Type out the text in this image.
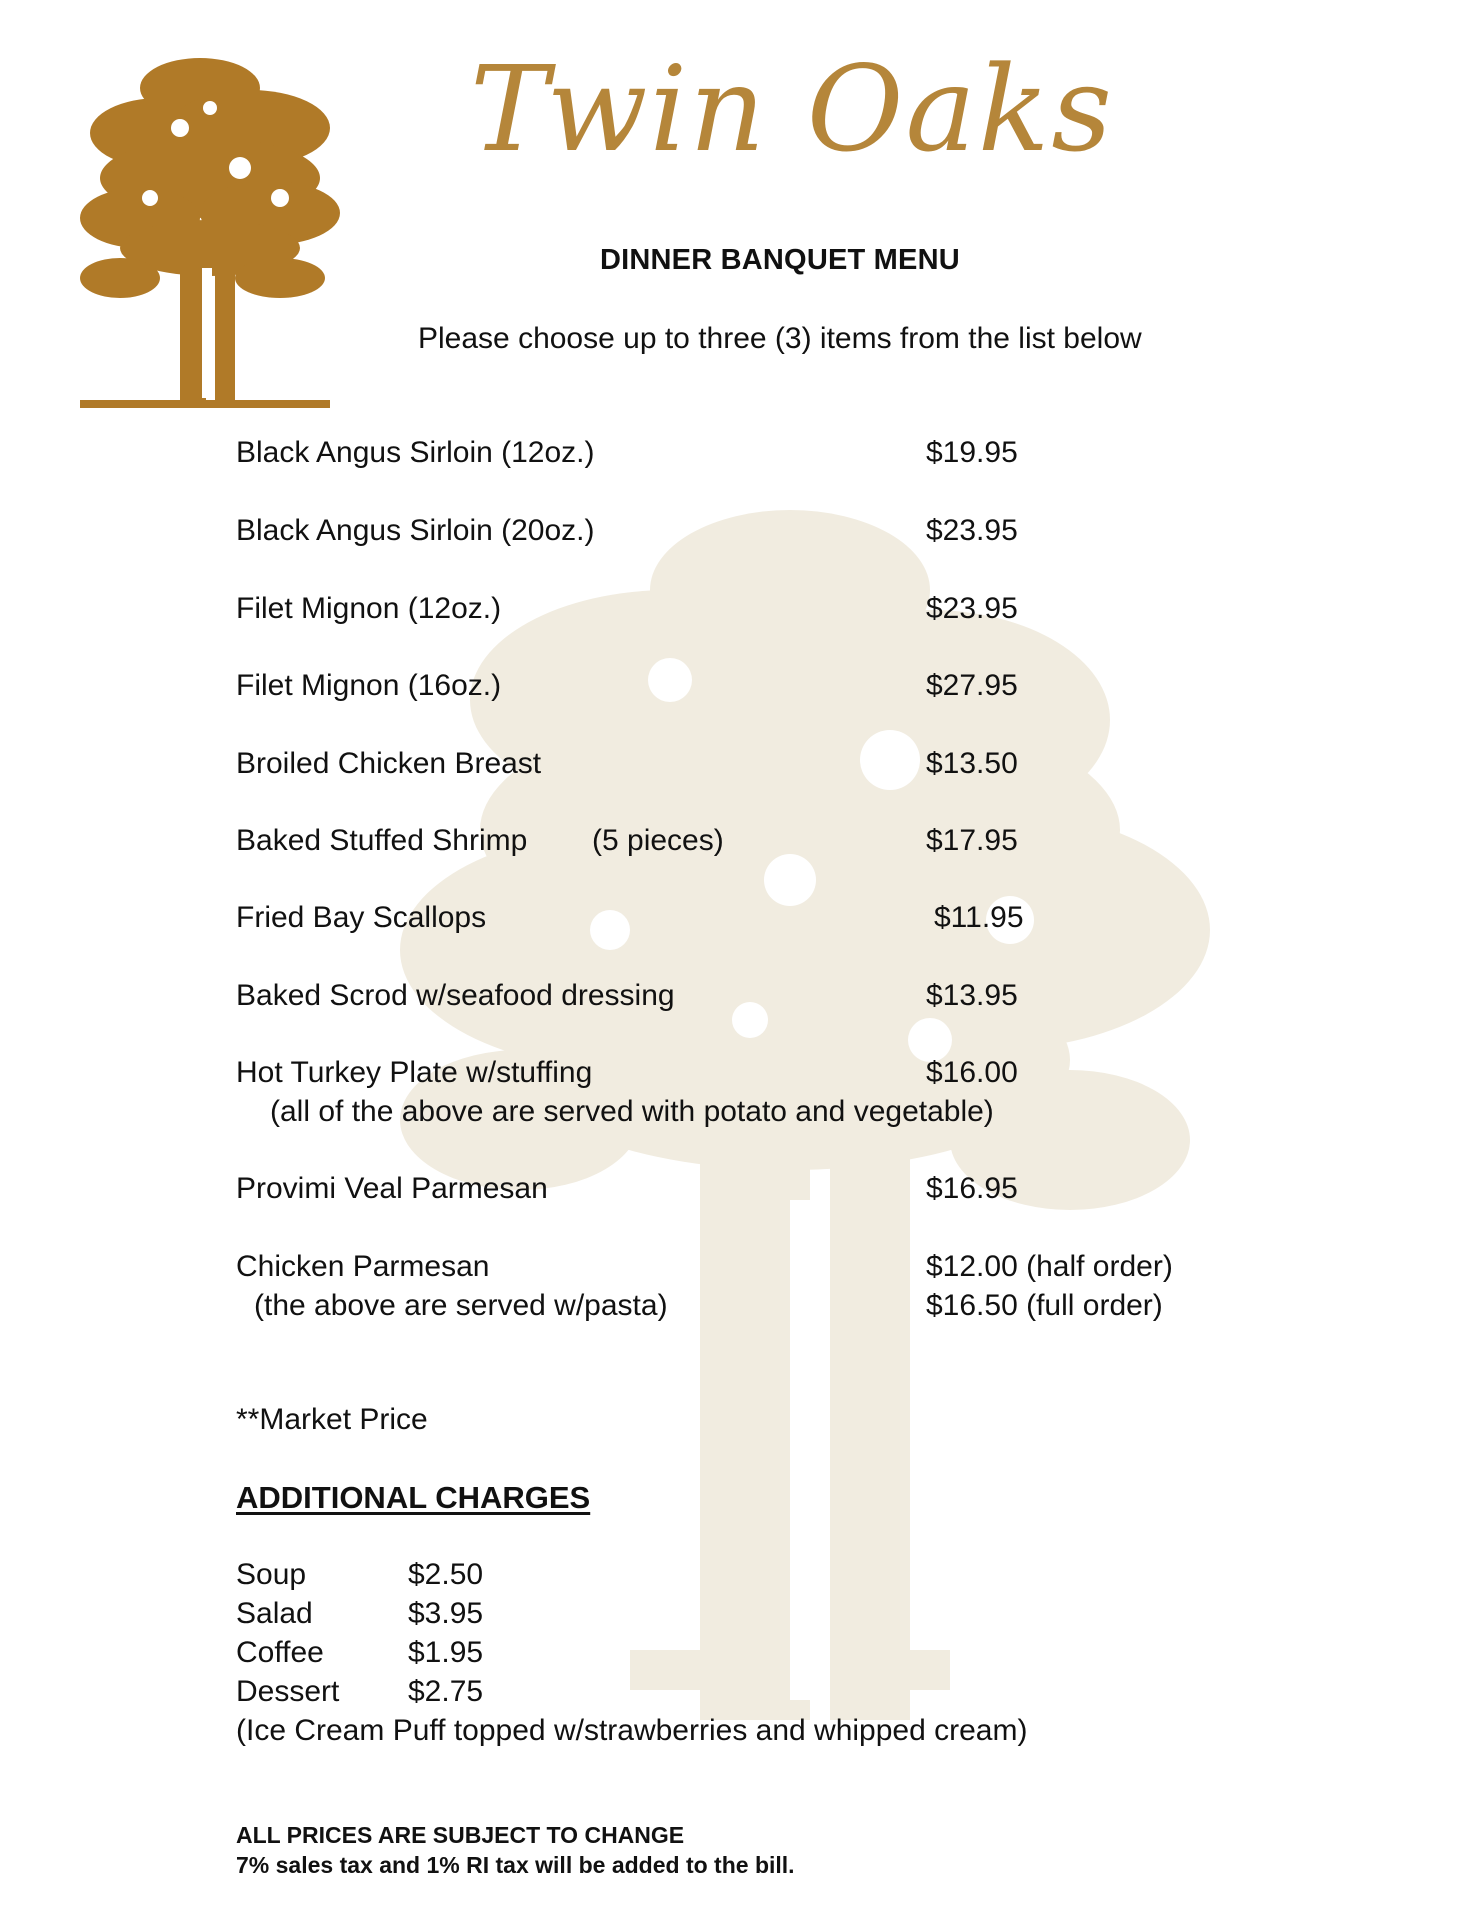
Twin Oaks
DINNER BANQUET MENU
Please choose up to three (3) items from the list below
Black Angus Sirloin (12oz.)	$19.95
Black Angus Sirloin (20oz.)	$23.95
Filet Mignon (12oz.)	$23.95
Filet Mignon (16oz.)	$27.95
Broiled Chicken Breast	$13.50
Baked Stuffed Shrimp (5 pieces)	$17.95
Fried Bay Scallops	$11.95
Baked Scrod w/seafood dressing	$13.95
Hot Turkey Plate w/stuffing	$16.00
(all of the above are served with potato and vegetable)
Provimi Veal Parmesan	$16.95
Chicken Parmesan	$12.00 (half order)
(the above are served w/pasta)	$16.50 (full order)
**Market Price
ADDITIONAL CHARGES
Soup	$2.50
Salad	$3.95
Coffee	$1.95
Dessert $2.75
(Ice Cream Puff topped w/strawberries and whipped cream)
ALL PRICES ARE SUBJECT TO CHANGE
7% sales tax and 1% RI tax will be added to the bill.
